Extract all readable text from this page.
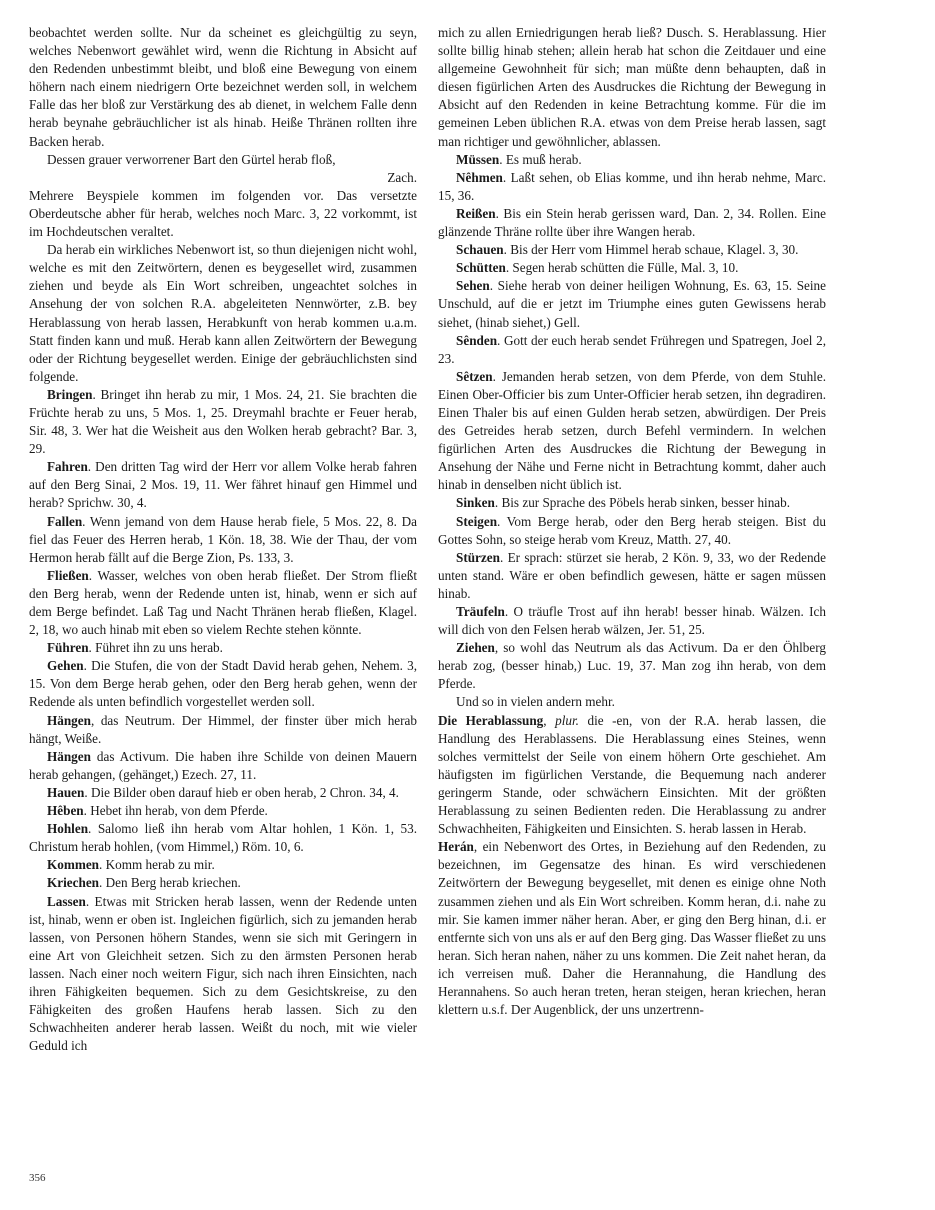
beobachtet werden sollte. Nur da scheinet es gleichgültig zu seyn, welches Nebenwort gewählet wird, wenn die Richtung in Absicht auf den Redenden unbestimmt bleibt, und bloß eine Bewegung von einem höhern nach einem niedrigern Orte bezeichnet werden soll, in welchem Falle das her bloß zur Verstärkung des ab dienet, in welchem Falle denn herab beynahe gebräuchlicher ist als hinab. Heiße Thränen rollten ihre Backen herab.

Dessen grauer verworrener Bart den Gürtel herab floß,

Zach.

Mehrere Beyspiele kommen im folgenden vor. Das versetzte Oberdeutsche abher für herab, welches noch Marc. 3, 22 vorkommt, ist im Hochdeutschen veraltet.

Da herab ein wirkliches Nebenwort ist, so thun diejenigen nicht wohl, welche es mit den Zeitwörtern, denen es beygesellet wird, zusammen ziehen und beyde als Ein Wort schreiben, ungeachtet solches in Ansehung der von solchen R.A. abgeleiteten Nennwörter, z.B. bey Herablassung von herab lassen, Herabkunft von herab kommen u.a.m. Statt finden kann und muß. Herab kann allen Zeitwörtern der Bewegung oder der Richtung beygesellet werden. Einige der gebräuchlichsten sind folgende.

Bringen. Bringet ihn herab zu mir, 1 Mos. 24, 21. Sie brachten die Früchte herab zu uns, 5 Mos. 1, 25. Dreymahl brachte er Feuer herab, Sir. 48, 3. Wer hat die Weisheit aus den Wolken herab gebracht? Bar. 3, 29.

Fahren. Den dritten Tag wird der Herr vor allem Volke herab fahren auf den Berg Sinai, 2 Mos. 19, 11. Wer fähret hinauf gen Himmel und herab? Sprichw. 30, 4.

Fallen. Wenn jemand von dem Hause herab fiele, 5 Mos. 22, 8. Da fiel das Feuer des Herren herab, 1 Kön. 18, 38. Wie der Thau, der vom Hermon herab fällt auf die Berge Zion, Ps. 133, 3.

Fließen. Wasser, welches von oben herab fließet. Der Strom fließt den Berg herab, wenn der Redende unten ist, hinab, wenn er sich auf dem Berge befindet. Laß Tag und Nacht Thränen herab fließen, Klagel. 2, 18, wo auch hinab mit eben so vielem Rechte stehen könnte.

Führen. Führet ihn zu uns herab.

Gehen. Die Stufen, die von der Stadt David herab gehen, Nehem. 3, 15. Von dem Berge herab gehen, oder den Berg herab gehen, wenn der Redende als unten befindlich vorgestellet werden soll.

Hängen, das Neutrum. Der Himmel, der finster über mich herab hängt, Weiße.

Hängen das Activum. Die haben ihre Schilde von deinen Mauern herab gehangen, (gehänget,) Ezech. 27, 11.

Hauen. Die Bilder oben darauf hieb er oben herab, 2 Chron. 34, 4.

Hêben. Hebet ihn herab, von dem Pferde.

Hohlen. Salomo ließ ihn herab vom Altar hohlen, 1 Kön. 1, 53. Christum herab hohlen, (vom Himmel,) Röm. 10, 6.

Kommen. Komm herab zu mir.

Kriechen. Den Berg herab kriechen.

Lassen. Etwas mit Stricken herab lassen, wenn der Redende unten ist, hinab, wenn er oben ist. Ingleichen figürlich, sich zu jemanden herab lassen, von Personen höhern Standes, wenn sie sich mit Geringern in eine Art von Gleichheit setzen. Sich zu den ärmsten Personen herab lassen. Nach einer noch weitern Figur, sich nach ihren Einsichten, nach ihren Fähigkeiten bequemen. Sich zu dem Gesichtskreise, zu den Fähigkeiten des großen Haufens herab lassen. Sich zu den Schwachheiten anderer herab lassen. Weißt du noch, mit wie vieler Geduld ich

mich zu allen Erniedrigungen herab ließ? Dusch. S. Herablassung. Hier sollte billig hinab stehen; allein herab hat schon die Zeitdauer und eine allgemeine Gewohnheit für sich; man müßte denn behaupten, daß in diesen figürlichen Arten des Ausdruckes die Richtung der Bewegung in Absicht auf den Redenden in keine Betrachtung komme. Für die im gemeinen Leben üblichen R.A. etwas von dem Preise herab lassen, sagt man richtiger und gewöhnlicher, ablassen.

Müssen. Es muß herab.

Nêhmen. Laßt sehen, ob Elias komme, und ihn herab nehme, Marc. 15, 36.

Reißen. Bis ein Stein herab gerissen ward, Dan. 2, 34. Rollen. Eine glänzende Thräne rollte über ihre Wangen herab.

Schauen. Bis der Herr vom Himmel herab schaue, Klagel. 3, 30.

Schütten. Segen herab schütten die Fülle, Mal. 3, 10.

Sehen. Siehe herab von deiner heiligen Wohnung, Es. 63, 15. Seine Unschuld, auf die er jetzt im Triumphe eines guten Gewissens herab siehet, (hinab siehet,) Gell.

Sênden. Gott der euch herab sendet Frühregen und Spatregen, Joel 2, 23.

Sêtzen. Jemanden herab setzen, von dem Pferde, von dem Stuhle. Einen Ober-Officier bis zum Unter-Officier herab setzen, ihn degradiren. Einen Thaler bis auf einen Gulden herab setzen, abwürdigen. Der Preis des Getreides herab setzen, durch Befehl vermindern. In welchen figürlichen Arten des Ausdruckes die Richtung der Bewegung in Ansehung der Nähe und Ferne nicht in Betrachtung kommt, daher auch hinab in denselben nicht üblich ist.

Sinken. Bis zur Sprache des Pöbels herab sinken, besser hinab.

Steigen. Vom Berge herab, oder den Berg herab steigen. Bist du Gottes Sohn, so steige herab vom Kreuz, Matth. 27, 40.

Stürzen. Er sprach: stürzet sie herab, 2 Kön. 9, 33, wo der Redende unten stand. Wäre er oben befindlich gewesen, hätte er sagen müssen hinab.

Träufeln. O träufle Trost auf ihn herab! besser hinab. Wälzen. Ich will dich von den Felsen herab wälzen, Jer. 51, 25.

Ziehen, so wohl das Neutrum als das Activum. Da er den Öhlberg herab zog, (besser hinab,) Luc. 19, 37. Man zog ihn herab, von dem Pferde.

Und so in vielen andern mehr.

Die Herablassung, plur. die -en, von der R.A. herab lassen, die Handlung des Herablassens. Die Herablassung eines Steines, wenn solches vermittelst der Seile von einem höhern Orte geschiehet. Am häufigsten im figürlichen Verstande, die Bequemung nach anderer geringerm Stande, oder schwächern Einsichten. Mit der größten Herablassung zu seinen Bedienten reden. Die Herablassung zu andrer Schwachheiten, Fähigkeiten und Einsichten. S. herab lassen in Herab.

Herán, ein Nebenwort des Ortes, in Beziehung auf den Redenden, zu bezeichnen, im Gegensatze des hinan. Es wird verschiedenen Zeitwörtern der Bewegung beygesellet, mit denen es einige ohne Noth zusammen ziehen und als Ein Wort schreiben. Komm heran, d.i. nahe zu mir. Sie kamen immer näher heran. Aber, er ging den Berg hinan, d.i. er entfernte sich von uns als er auf den Berg ging. Das Wasser fließet zu uns heran. Sich heran nahen, näher zu uns kommen. Die Zeit nahet heran, da ich verreisen muß. Daher die Herannahung, die Handlung des Herannahens. So auch heran treten, heran steigen, heran kriechen, heran klettern u.s.f. Der Augenblick, der uns unzertrenn-

356
